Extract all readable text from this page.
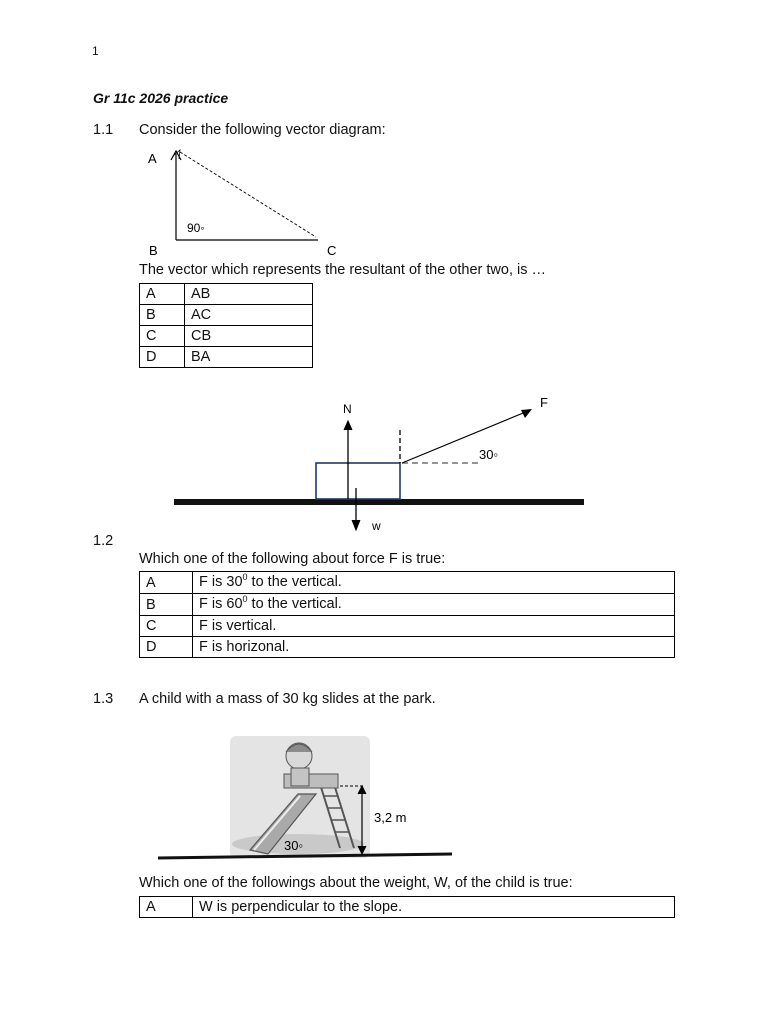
1
Gr 11c 2026 practice
1.1 Consider the following vector diagram:
A
B	C
90◦
The vector which represents the resultant of the other two, is …
A	AB
B	AC
C	CB
D	BA
N	F
w
30◦
1.2
Which one of the following about force F is true:
A	F is $30^0$ to the vertical.
B	F is $60^0$ to the vertical.
C	F is vertical.
D	F is horizonal.
1.3 A child with a mass of 30 kg slides at the park.
3,2 m
30◦
Which one of the followings about the weight, W, of the child is true:
A	W is perpendicular to the slope.
